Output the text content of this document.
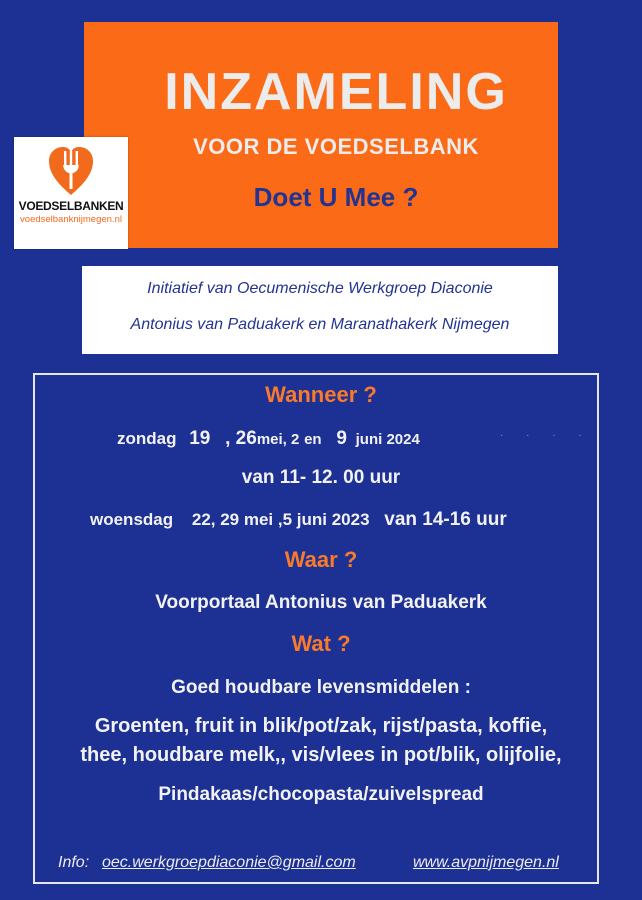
INZAMELING
VOOR DE VOEDSELBANK
Doet U Mee ?
VOEDSELBANKEN
voedselbanknijmegen.nl
Initiatief van Oecumenische Werkgroep Diaconie
Antonius van Paduakerk en Maranathakerk Nijmegen
Wanneer ?
zondag 19 , 26mei, 2 en 9 juni 2024	· · · ·
van 11- 12. 00 uur
woensdag 22, 29 mei ,5 juni 2023 van 14-16 uur
Waar ?
Voorportaal Antonius van Paduakerk
Wat ?
Goed houdbare levensmiddelen :
Groenten, fruit in blik/pot/zak, rijst/pasta, koffie,
thee, houdbare melk,, vis/vlees in pot/blik, olijfolie,
Pindakaas/chocopasta/zuivelspread
Info: oec.werkgroepdiaconie@gmail.com	www.avpnijmegen.nl
